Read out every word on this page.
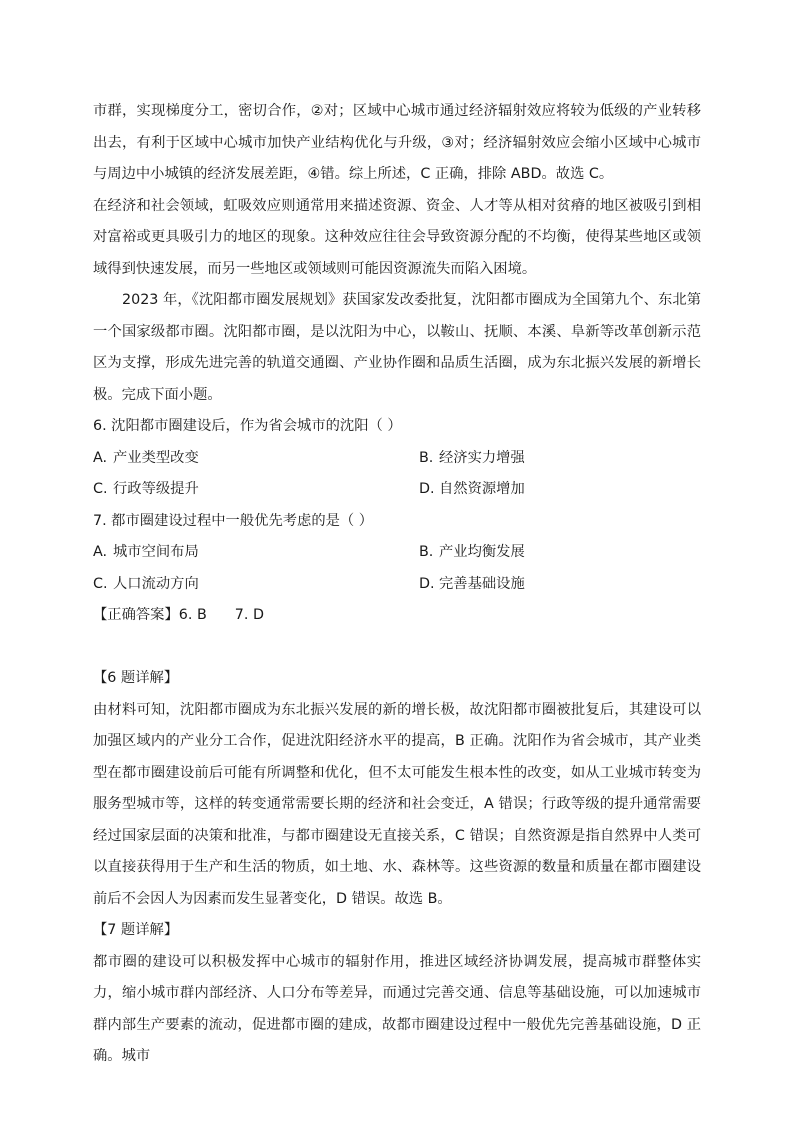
市群，实现梯度分工，密切合作，②对；区域中心城市通过经济辐射效应将较为低级的产业转移出去，有利于区域中心城市加快产业结构优化与升级，③对；经济辐射效应会缩小区域中心城市与周边中小城镇的经济发展差距，④错。综上所述，C 正确，排除 ABD。故选 C。

在经济和社会领域，虹吸效应则通常用来描述资源、资金、人才等从相对贫瘠的地区被吸引到相对富裕或更具吸引力的地区的现象。这种效应往往会导致资源分配的不均衡，使得某些地区或领域得到快速发展，而另一些地区或领域则可能因资源流失而陷入困境。

2023 年，《沈阳都市圈发展规划》获国家发改委批复，沈阳都市圈成为全国第九个、东北第一个国家级都市圈。沈阳都市圈，是以沈阳为中心，以鞍山、抚顺、本溪、阜新等改革创新示范区为支撑，形成先进完善的轨道交通圈、产业协作圈和品质生活圈，成为东北振兴发展的新增长极。完成下面小题。

6. 沈阳都市圈建设后，作为省会城市的沈阳（ ）

A. 产业类型改变	B. 经济实力增强
C. 行政等级提升	D. 自然资源增加

7. 都市圈建设过程中一般优先考虑的是（ ）

A. 城市空间布局	B. 产业均衡发展
C. 人口流动方向	D. 完善基础设施

【正确答案】6. B 7. D

【6 题详解】

由材料可知，沈阳都市圈成为东北振兴发展的新的增长极，故沈阳都市圈被批复后，其建设可以加强区域内的产业分工合作，促进沈阳经济水平的提高，B 正确。沈阳作为省会城市，其产业类型在都市圈建设前后可能有所调整和优化，但不太可能发生根本性的改变，如从工业城市转变为服务型城市等，这样的转变通常需要长期的经济和社会变迁，A 错误；行政等级的提升通常需要经过国家层面的决策和批准，与都市圈建设无直接关系，C 错误；自然资源是指自然界中人类可以直接获得用于生产和生活的物质，如土地、水、森林等。这些资源的数量和质量在都市圈建设前后不会因人为因素而发生显著变化，D 错误。故选 B。

【7 题详解】

都市圈的建设可以积极发挥中心城市的辐射作用，推进区域经济协调发展，提高城市群整体实力，缩小城市群内部经济、人口分布等差异，而通过完善交通、信息等基础设施，可以加速城市群内部生产要素的流动，促进都市圈的建成，故都市圈建设过程中一般优先完善基础设施，D 正确。城市
